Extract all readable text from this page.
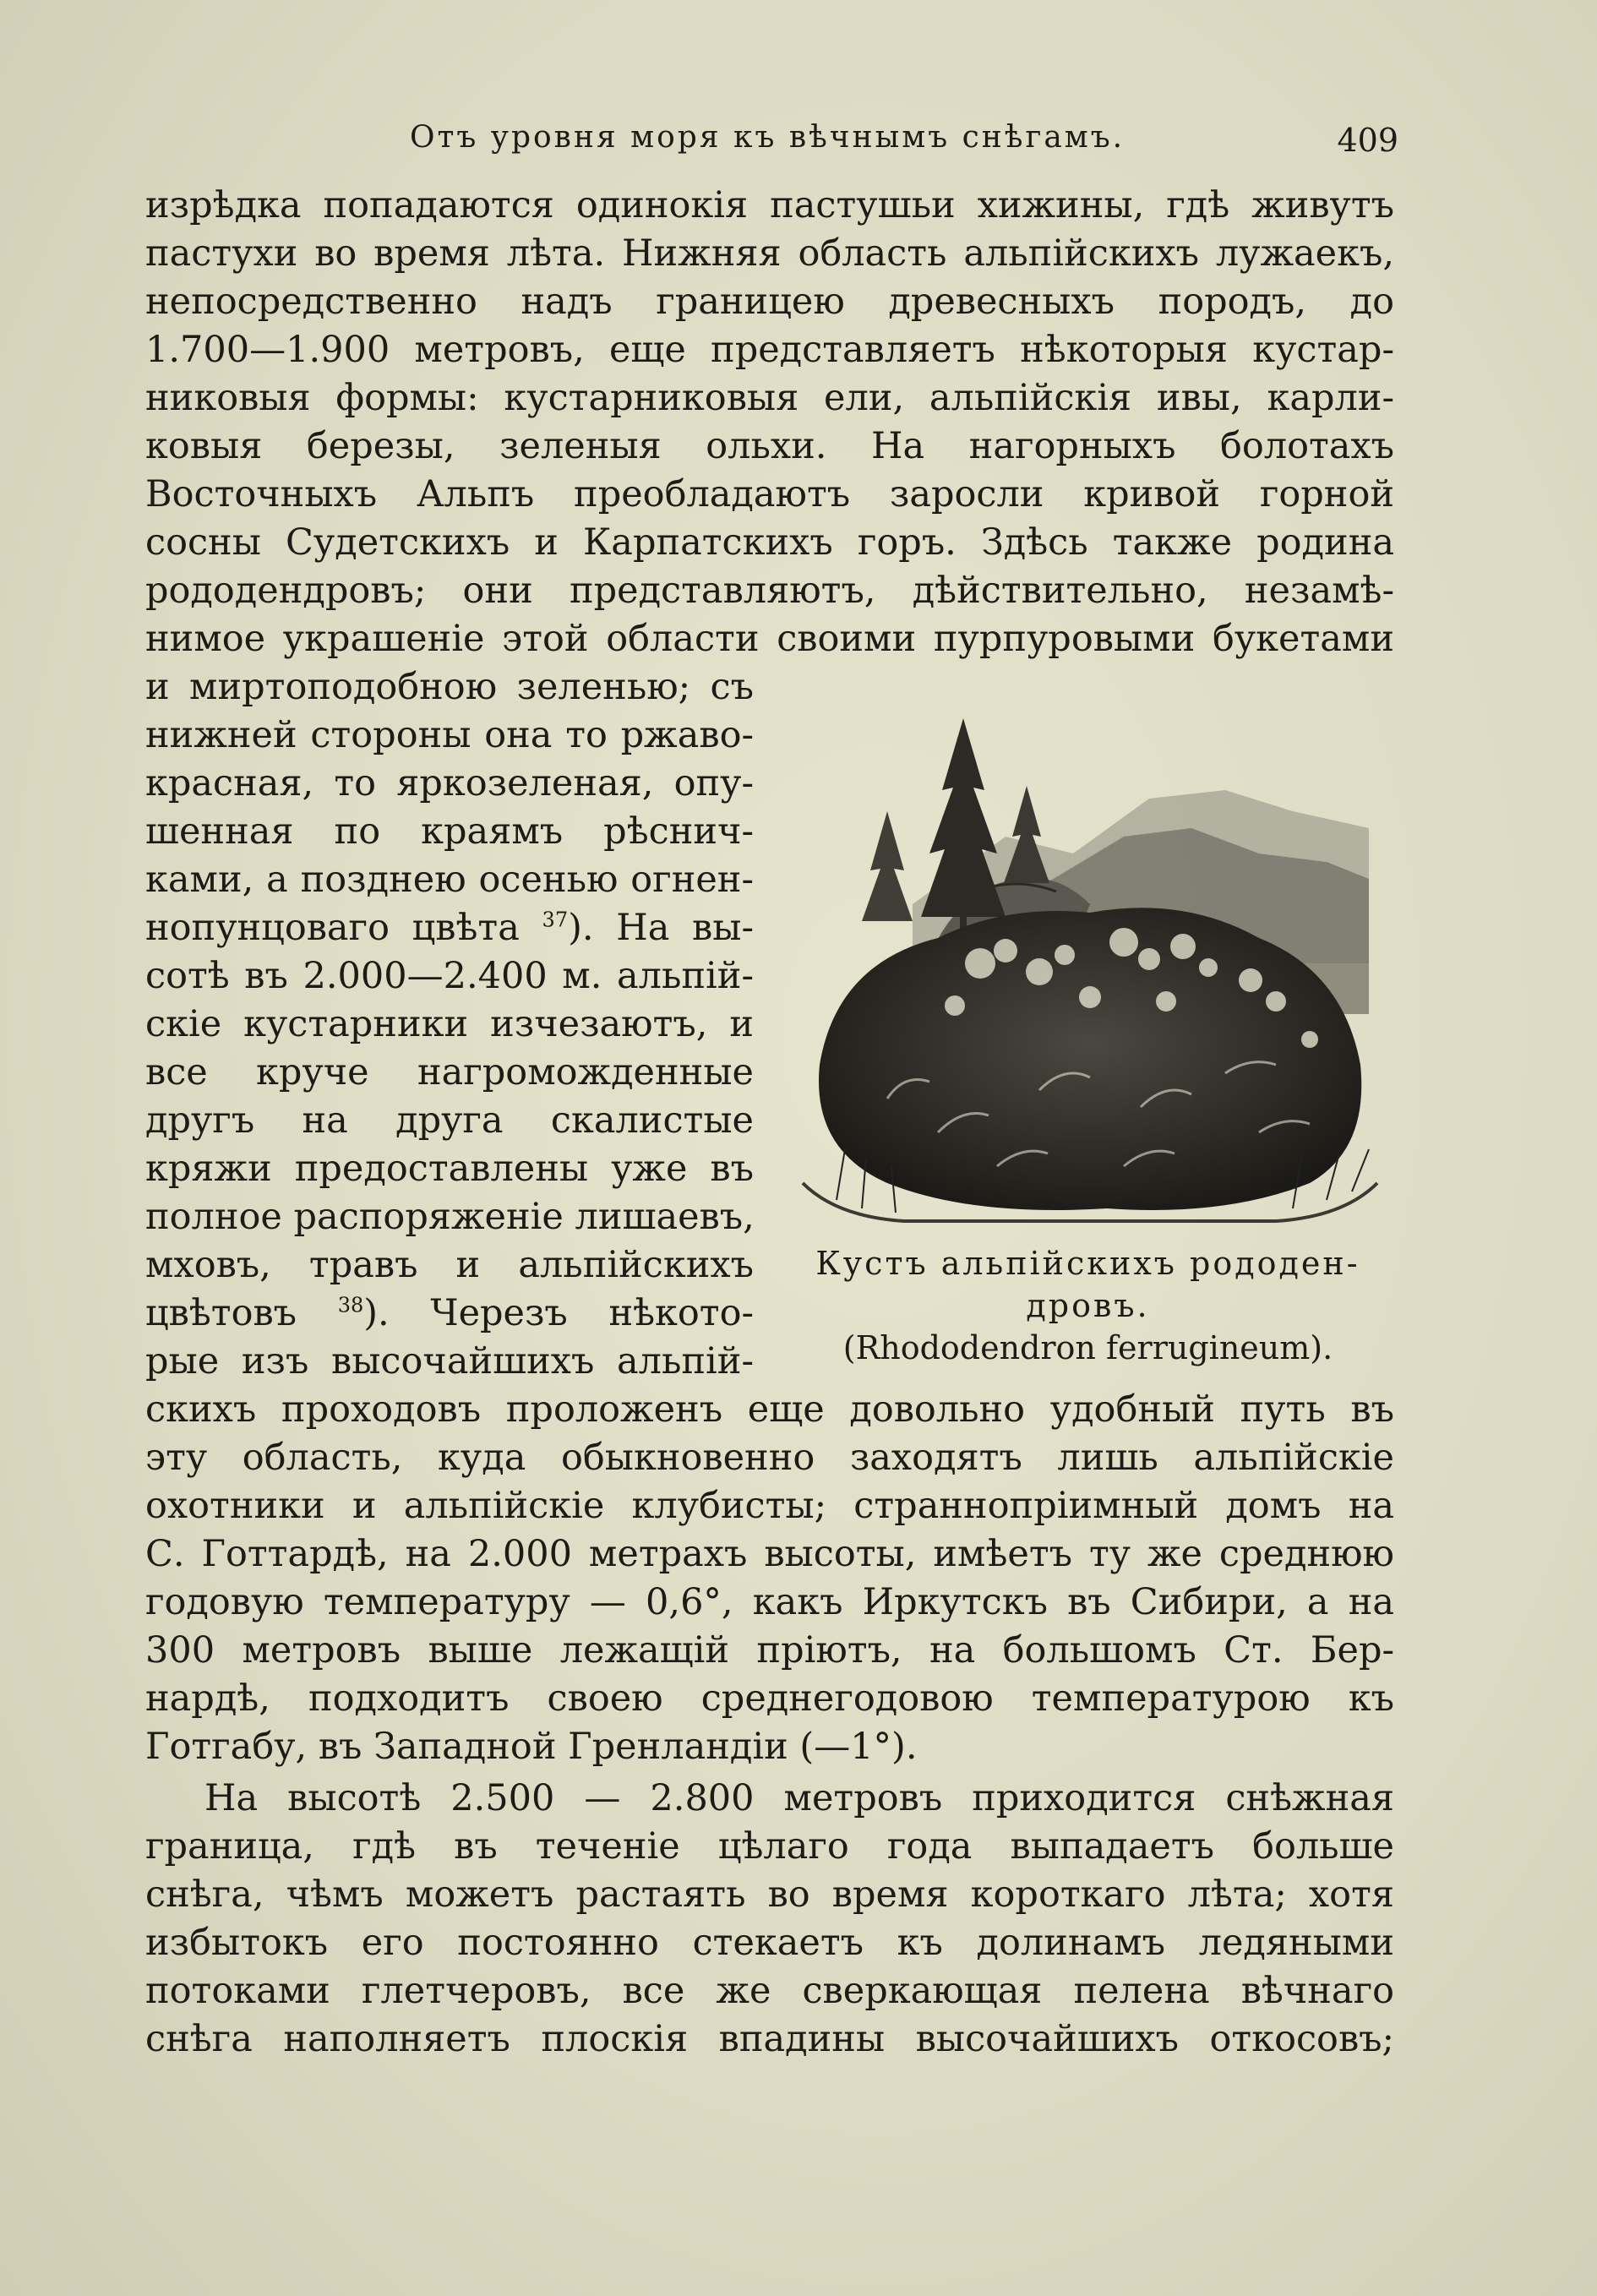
Отъ уровня моря къ вѣчнымъ снѣгамъ.	409
изрѣдка попадаются одинокія пастушьи хижины, гдѣ живутъ
пастухи во время лѣта. Нижняя область альпійскихъ лужаекъ,
непосредственно надъ границею древесныхъ породъ, до
1.700—1.900 метровъ, еще представляетъ нѣкоторыя кустар-
никовыя формы: кустарниковыя ели, альпійскія ивы, карли-
ковыя березы, зеленыя ольхи. На нагорныхъ болотахъ
Восточныхъ Альпъ преобладаютъ заросли кривой горной
сосны Судетскихъ и Карпатскихъ горъ. Здѣсь также родина
рододендровъ; они представляютъ, дѣйствительно, незамѣ-
нимое украшеніе этой области своими пурпуровыми букетами
и миртоподобною зеленью; съ
нижней стороны она то ржаво-
красная, то яркозеленая, опу-
шенная по краямъ рѣснич-
ками, а позднею осенью огнен-
нопунцоваго цвѣта $^{37}$). На вы-
сотѣ въ 2.000—2.400 м. альпій-
скіе кустарники изчезаютъ, и
все круче нагроможденные
другъ на друга скалистые
кряжи предоставлены уже въ
полное распоряженіе лишаевъ,
мховъ, травъ и альпійскихъ
цвѣтовъ $^{38}$). Черезъ нѣкото-
рые изъ высочайшихъ альпій-
Кустъ альпійскихъ рододен-
дровъ.
(Rhododendron ferrugineum).
скихъ проходовъ проложенъ еще довольно удобный путь въ
эту область, куда обыкновенно заходятъ лишь альпійскіе
охотники и альпійскіе клубисты; страннопріимный домъ на
С. Готтардѣ, на 2.000 метрахъ высоты, имѣетъ ту же среднюю
годовую температуру — 0,6°, какъ Иркутскъ въ Сибири, а на
300 метровъ выше лежащій пріютъ, на большомъ Ст. Бер-
нардѣ, подходитъ своею среднегодовою температурою къ
Готгабу, въ Западной Гренландіи (—1°).
На высотѣ 2.500 — 2.800 метровъ приходится снѣжная
граница, гдѣ въ теченіе цѣлаго года выпадаетъ больше
снѣга, чѣмъ можетъ растаять во время короткаго лѣта; хотя
избытокъ его постоянно стекаетъ къ долинамъ ледяными
потоками глетчеровъ, все же сверкающая пелена вѣчнаго
снѣга наполняетъ плоскія впадины высочайшихъ откосовъ;
